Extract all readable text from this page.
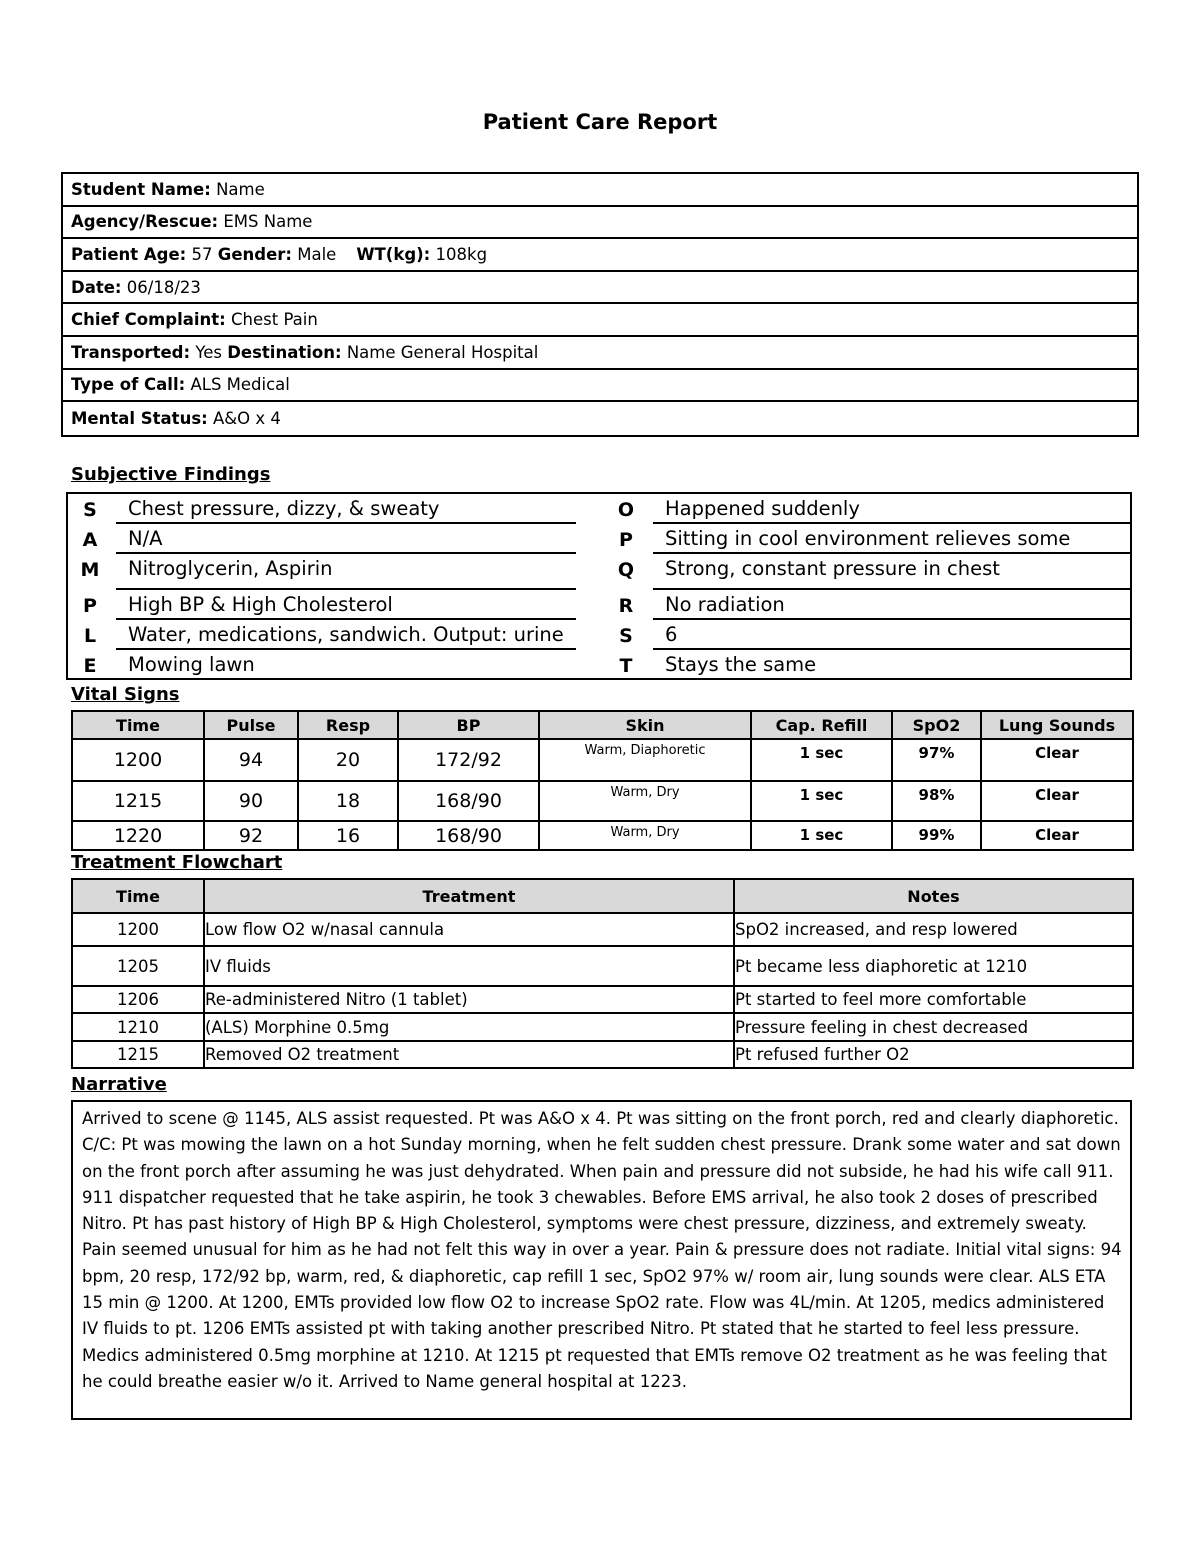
Patient Care Report
Student Name:
Name
Agency/Rescue:
EMS Name
Patient Age:
57
Gender:
Male WT(kg):
108kg
Date:
06/18/23
Chief Complaint:
Chest Pain
Transported:
Yes
Destination:
Name General Hospital
Type of Call:
ALS Medical
Mental Status:
A&O x 4
Subjective Findings
S	Chest pressure, dizzy, & sweaty
A	N/A
M	Nitroglycerin, Aspirin
P	High BP & High Cholesterol
L	Water, medications, sandwich. Output: urine
E	Mowing lawn
O	Happened suddenly
P	Sitting in cool environment relieves some
Q	Strong, constant pressure in chest
R	No radiation
S	6
T	Stays the same
Vital Signs
Time	Pulse	Resp	BP	Skin	Cap. Refill	SpO2	Lung Sounds
1200	94	20	172/92	Warm, Diaphoretic	1 sec	97%	Clear
1215	90	18	168/90	Warm, Dry	1 sec	98%	Clear
1220	92	16	168/90	Warm, Dry	1 sec	99%	Clear
Treatment Flowchart
Time	Treatment	Notes
1200	Low flow O2 w/nasal cannula	SpO2 increased, and resp lowered
1205	IV fluids	Pt became less diaphoretic at 1210
1206	Re-administered Nitro (1 tablet)	Pt started to feel more comfortable
1210	(ALS) Morphine 0.5mg	Pressure feeling in chest decreased
1215	Removed O2 treatment	Pt refused further O2
Narrative
Arrived to scene @ 1145, ALS assist requested. Pt was A&O x 4. Pt was sitting on the front porch, red and clearly diaphoretic. C/C: Pt was mowing the lawn on a hot Sunday morning, when he felt sudden chest pressure. Drank some water and sat down on the front porch after assuming he was just dehydrated. When pain and pressure did not subside, he had his wife call 911. 911 dispatcher requested that he take aspirin, he took 3 chewables. Before EMS arrival, he also took 2 doses of prescribed Nitro. Pt has past history of High BP & High Cholesterol, symptoms were chest pressure, dizziness, and extremely sweaty. Pain seemed unusual for him as he had not felt this way in over a year. Pain & pressure does not radiate. Initial vital signs: 94 bpm, 20 resp, 172/92 bp, warm, red, & diaphoretic, cap refill 1 sec, SpO2 97% w/ room air, lung sounds were clear. ALS ETA 15 min @ 1200. At 1200, EMTs provided low flow O2 to increase SpO2 rate. Flow was 4L/min. At 1205, medics administered IV fluids to pt. 1206 EMTs assisted pt with taking another prescribed Nitro. Pt stated that he started to feel less pressure. Medics administered 0.5mg morphine at 1210. At 1215 pt requested that EMTs remove O2 treatment as he was feeling that he could breathe easier w/o it. Arrived to Name general hospital at 1223.
